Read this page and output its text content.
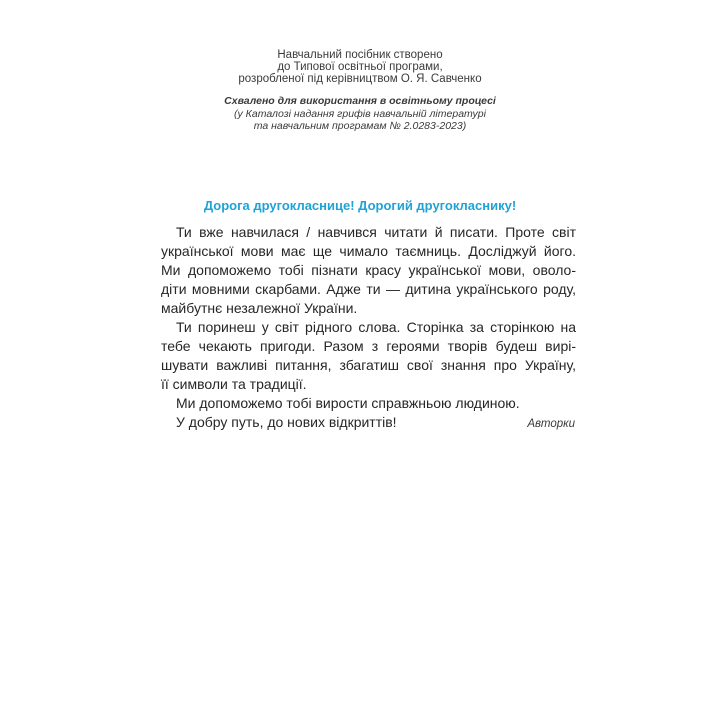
Навчальний посібник створено
до Типової освітньої програми,
розробленої під керівництвом О. Я. Савченко
Схвалено для використання в освітньому процесі
(у Каталозі надання грифів навчальній літературі
та навчальним програмам № 2.0283-2023)
Дорога другокласнице! Дорогий другокласнику!
Ти вже навчилася / навчився читати й писати. Проте світ
української мови має ще чимало таємниць. Досліджуй його.
Ми допоможемо тобі пізнати красу української мови, оволо-
діти мовними скарбами. Адже ти — дитина українського роду,
майбутнє незалежної України.
Ти поринеш у світ рідного слова. Сторінка за сторінкою на
тебе чекають пригоди. Разом з героями творів будеш вирі-
шувати важливі питання, збагатиш свої знання про Україну,
її символи та традиції.
Ми допоможемо тобі вирости справжньою людиною.
У добру путь, до нових відкриттів!	Авторки
